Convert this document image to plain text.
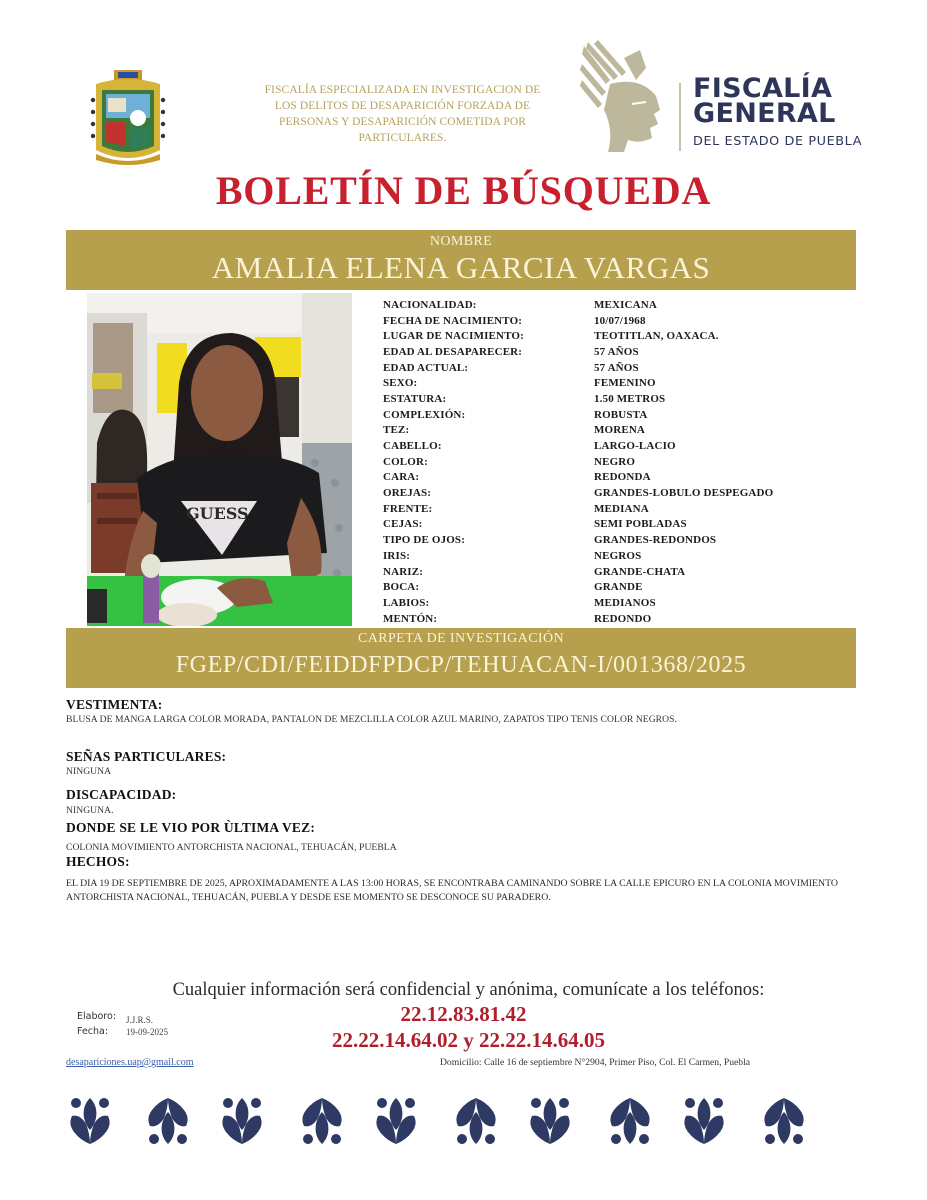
FISCALÍA ESPECIALIZADA EN INVESTIGACION DE
LOS DELITOS DE DESAPARICIÓN FORZADA DE
PERSONAS Y DESAPARICIÓN COMETIDA POR
PARTICULARES.
FISCALÍA
GENERAL
DEL ESTADO DE PUEBLA
BOLETÍN DE BÚSQUEDA
NOMBRE
AMALIA ELENA GARCIA VARGAS
GUESS
NACIONALIDAD:	MEXICANA
FECHA DE NACIMIENTO:	10/07/1968
LUGAR DE NACIMIENTO:	TEOTITLAN, OAXACA.
EDAD AL DESAPARECER:	57 AÑOS
EDAD ACTUAL:	57 AÑOS
SEXO:	FEMENINO
ESTATURA:	1.50 METROS
COMPLEXIÓN:	ROBUSTA
TEZ:	MORENA
CABELLO:	LARGO-LACIO
COLOR:	NEGRO
CARA:	REDONDA
OREJAS:	GRANDES-LOBULO DESPEGADO
FRENTE:	MEDIANA
CEJAS:	SEMI POBLADAS
TIPO DE OJOS:	GRANDES-REDONDOS
IRIS:	NEGROS
NARIZ:	GRANDE-CHATA
BOCA:	GRANDE
LABIOS:	MEDIANOS
MENTÓN:	REDONDO
CARPETA DE INVESTIGACIÓN
FGEP/CDI/FEIDDFPDCP/TEHUACAN-I/001368/2025
VESTIMENTA:
BLUSA DE MANGA LARGA COLOR MORADA, PANTALON DE MEZCLILLA COLOR AZUL MARINO, ZAPATOS TIPO TENIS COLOR NEGROS.
SEÑAS PARTICULARES:
NINGUNA
DISCAPACIDAD:
NINGUNA.
DONDE SE LE VIO POR ÙLTIMA VEZ:
COLONIA MOVIMIENTO ANTORCHISTA NACIONAL, TEHUACÁN, PUEBLA
HECHOS:
EL DIA 19 DE SEPTIEMBRE DE 2025, APROXIMADAMENTE A LAS 13:00 HORAS, SE ENCONTRABA CAMINANDO SOBRE LA CALLE EPICURO EN LA COLONIA MOVIMIENTO ANTORCHISTA NACIONAL, TEHUACÁN, PUEBLA Y DESDE ESE MOMENTO SE DESCONOCE SU PARADERO.
Cualquier información será confidencial y anónima, comunícate a los teléfonos:
22.12.83.81.42
22.22.14.64.02 y 22.22.14.64.05
Elaboro: J.J.R.S.
Fecha: 19-09-2025
desapariciones.uap@gmail.com	Domicilio: Calle 16 de septiembre N°2904, Primer Piso, Col. El Carmen, Puebla
